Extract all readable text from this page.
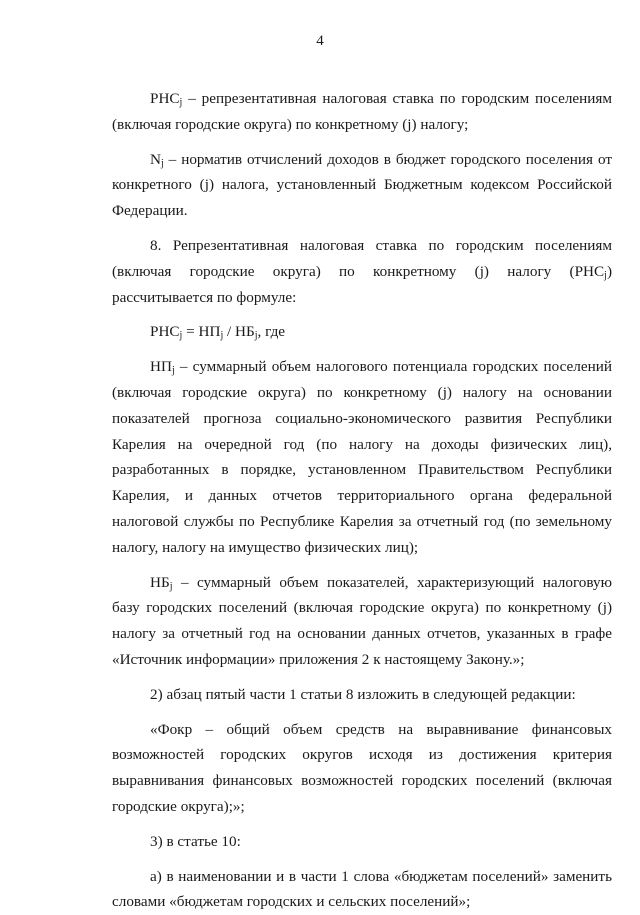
4

$РНС_j$ – репрезентативная налоговая ставка по городским поселениям (включая городские округа) по конкретному (j) налогу;

$N_j$ – норматив отчислений доходов в бюджет городского поселения от конкретного (j) налога, установленный Бюджетным кодексом Российской Федерации.

8. Репрезентативная налоговая ставка по городским поселениям (включая городские округа) по конкретному (j) налогу $(РНС_j)$ рассчитывается по формуле:

$РНС_j = НП_j / НБ_j$, где

$НП_j$ – суммарный объем налогового потенциала городских поселений (включая городские округа) по конкретному (j) налогу на основании показателей прогноза социально-экономического развития Республики Карелия на очередной год (по налогу на доходы физических лиц), разработанных в порядке, установленном Правительством Республики Карелия, и данных отчетов территориального органа федеральной налоговой службы по Республике Карелия за отчетный год (по земельному налогу, налогу на имущество физических лиц);

$НБ_j$ – суммарный объем показателей, характеризующий налоговую базу городских поселений (включая городские округа) по конкретному (j) налогу за отчетный год на основании данных отчетов, указанных в графе «Источник информации» приложения 2 к настоящему Закону.»;

2) абзац пятый части 1 статьи 8 изложить в следующей редакции:

«Фокр – общий объем средств на выравнивание финансовых возможностей городских округов исходя из достижения критерия выравнивания финансовых возможностей городских поселений (включая городские округа);»;

3) в статье 10:

а) в наименовании и в части 1 слова «бюджетам поселений» заменить словами «бюджетам городских и сельских поселений»;
